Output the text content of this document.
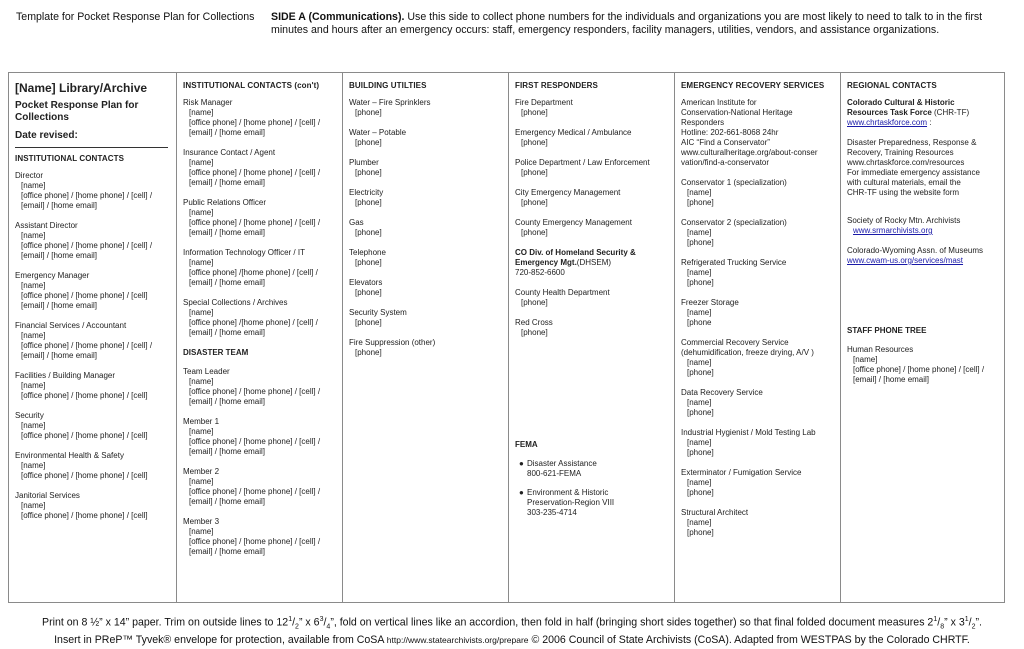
Template for Pocket Response Plan for Collections	SIDE A (Communications). Use this side to collect phone numbers for the individuals and organizations you are most likely to need to talk to in the first minutes and hours after an emergency occurs: staff, emergency responders, facility managers, utilities, vendors, and assistance organizations.
[Name] Library/Archive
Pocket Response Plan for Collections
Date revised:
INSTITUTIONAL CONTACTS
Director
[name]
[office phone] / [home phone] / [cell] /
[email] / [home email]
Assistant Director
[name]
[office phone] / [home phone] / [cell] /
[email] / [home email]
Emergency Manager
[name]
[office phone] / [home phone] / [cell]
[email] / [home email]
Financial Services / Accountant
[name]
[office phone] / [home phone] / [cell] /
[email] / [home email]
Facilities / Building Manager
[name]
[office phone] / [home phone] / [cell]
Security
[name]
[office phone] / [home phone] / [cell]
Environmental Health & Safety
[name]
[office phone] / [home phone] / [cell]
Janitorial Services
[name]
[office phone] / [home phone] / [cell]
INSTITUTIONAL CONTACTS (con't)
Risk Manager
[name]
[office phone] / [home phone] / [cell] /
[email] / [home email]
Insurance Contact / Agent
[name]
[office phone] / [home phone] / [cell] /
[email] / [home email]
Public Relations Officer
[name]
[office phone] / [home phone] / [cell] /
[email] / [home email]
Information Technology Officer / IT
[name]
[office phone] /[home phone] / [cell] /
[email] / [home email]
Special Collections / Archives
[name]
[office phone] /[home phone] / [cell] /
[email] / [home email]
DISASTER TEAM
Team Leader
[name]
[office phone] / [home phone] / [cell] /
[email] / [home email]
Member 1
[name]
[office phone] / [home phone] / [cell] /
[email] / [home email]
Member 2
[name]
[office phone] / [home phone] / [cell] /
[email] / [home email]
Member 3
[name]
[office phone] / [home phone] / [cell] /
[email] / [home email]
BUILDING UTILTIES
Water – Fire Sprinklers
[phone]
Water – Potable
[phone]
Plumber
[phone]
Electricity
[phone]
Gas
[phone]
Telephone
[phone]
Elevators
[phone]
Security System
[phone]
Fire Suppression (other)
[phone]
FIRST RESPONDERS
Fire Department
[phone]
Emergency Medical / Ambulance
[phone]
Police Department / Law Enforcement
[phone]
City Emergency Management
[phone]
County Emergency Management
[phone]
CO Div. of Homeland Security & Emergency Mgt.(DHSEM)
720-852-6600
County Health Department
[phone]
Red Cross
[phone]
FEMA
● Disaster Assistance
800-621-FEMA
● Environment & Historic
Preservation-Region VIII
303-235-4714
EMERGENCY RECOVERY SERVICES
American Institute for
Conservation-National Heritage
Responders
Hotline: 202-661-8068 24hr
AIC “Find a Conservator”
www.culturalheritage.org/about-conser
vation/find-a-conservator
Conservator 1 (specialization)
[name]
[phone]
Conservator 2 (specialization)
[name]
[phone]
Refrigerated Trucking Service
[name]
[phone]
Freezer Storage
[name]
[phone
Commercial Recovery Service
(dehumidification, freeze drying, A/V )
[name]
[phone]
Data Recovery Service
[name]
[phone]
Industrial Hygienist / Mold Testing Lab
[name]
[phone]
Exterminator / Fumigation Service
[name]
[phone]
Structural Architect
[name]
[phone]
REGIONAL CONTACTS
Colorado Cultural & Historic
Resources Task Force (CHR-TF)
www.chrtaskforce.com :
Disaster Preparedness, Response &
Recovery, Training Resources
www.chrtaskforce.com/resources
For immediate emergency assistance
with cultural materials, email the
CHR-TF using the website form
Society of Rocky Mtn. Archivists
www.srmarchivists.org
Colorado-Wyoming Assn. of Museums
www.cwam-us.org/services/mast
STAFF PHONE TREE
Human Resources
[name]
[office phone] / [home phone] / [cell] /
[email] / [home email]
Print on 8 ½” x 14” paper. Trim on outside lines to $12^1/_2$” x $6^3/_4$”, fold on vertical lines like an accordion, then fold in half (bringing short sides together) so that final folded document measures $2^1/_8$” x $3^1/_2$”.
Insert in PReP™ Tyvek® envelope for protection, available from CoSA http://www.statearchivists.org/prepare © 2006 Council of State Archivists (CoSA). Adapted from WESTPAS by the Colorado CHRTF.
